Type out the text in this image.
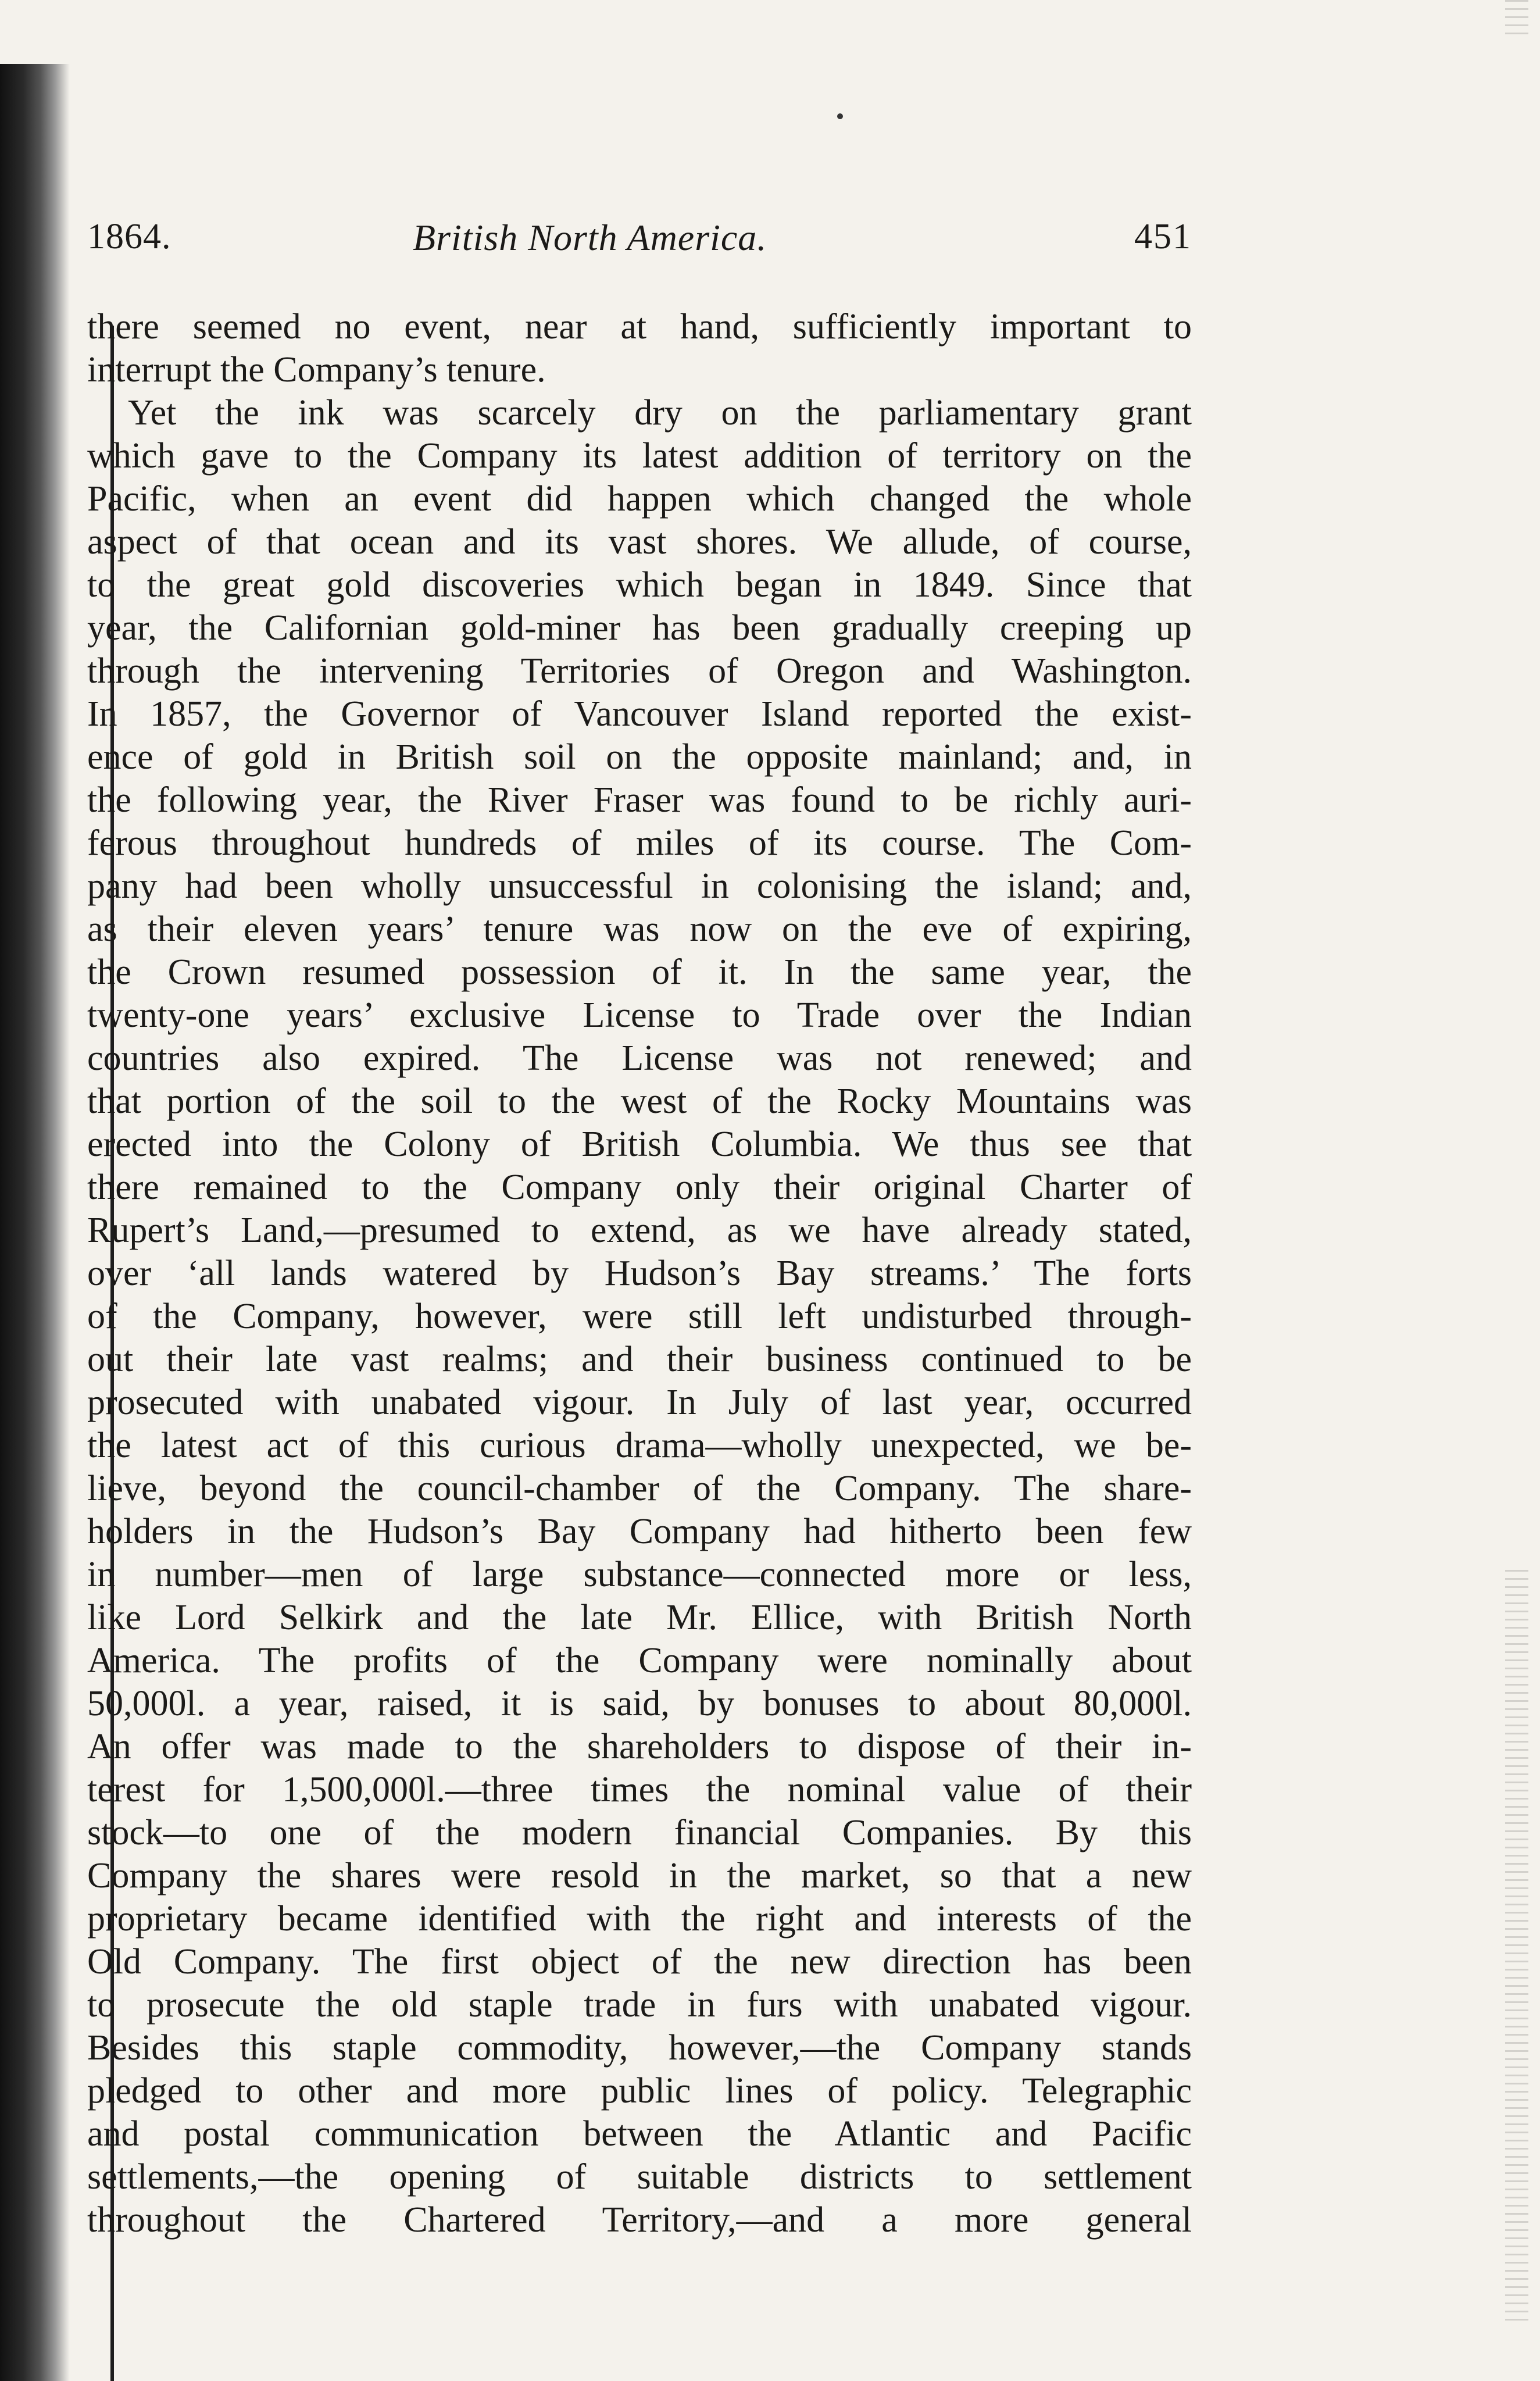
1864.	British North America.	451
there seemed no event, near at hand, sufficiently important to
interrupt the Company’s tenure.
Yet the ink was scarcely dry on the parliamentary grant
which gave to the Company its latest addition of territory on the
Pacific, when an event did happen which changed the whole
aspect of that ocean and its vast shores. We allude, of course,
to the great gold discoveries which began in 1849. Since that
year, the Californian gold-miner has been gradually creeping up
through the intervening Territories of Oregon and Washington.
In 1857, the Governor of Vancouver Island reported the exist-
ence of gold in British soil on the opposite mainland; and, in
the following year, the River Fraser was found to be richly auri-
ferous throughout hundreds of miles of its course. The Com-
pany had been wholly unsuccessful in colonising the island; and,
as their eleven years’ tenure was now on the eve of expiring,
the Crown resumed possession of it. In the same year, the
twenty-one years’ exclusive License to Trade over the Indian
countries also expired. The License was not renewed; and
that portion of the soil to the west of the Rocky Mountains was
erected into the Colony of British Columbia. We thus see that
there remained to the Company only their original Charter of
Rupert’s Land,—presumed to extend, as we have already stated,
over ‘all lands watered by Hudson’s Bay streams.’ The forts
of the Company, however, were still left undisturbed through-
out their late vast realms; and their business continued to be
prosecuted with unabated vigour. In July of last year, occurred
the latest act of this curious drama—wholly unexpected, we be-
lieve, beyond the council-chamber of the Company. The share-
holders in the Hudson’s Bay Company had hitherto been few
in number—men of large substance—connected more or less,
like Lord Selkirk and the late Mr. Ellice, with British North
America. The profits of the Company were nominally about
50,000l. a year, raised, it is said, by bonuses to about 80,000l.
An offer was made to the shareholders to dispose of their in-
terest for 1,500,000l.—three times the nominal value of their
stock—to one of the modern financial Companies. By this
Company the shares were resold in the market, so that a new
proprietary became identified with the right and interests of the
Old Company. The first object of the new direction has been
to prosecute the old staple trade in furs with unabated vigour.
Besides this staple commodity, however,—the Company stands
pledged to other and more public lines of policy. Telegraphic
and postal communication between the Atlantic and Pacific
settlements,—the opening of suitable districts to settlement
throughout the Chartered Territory,—and a more general
